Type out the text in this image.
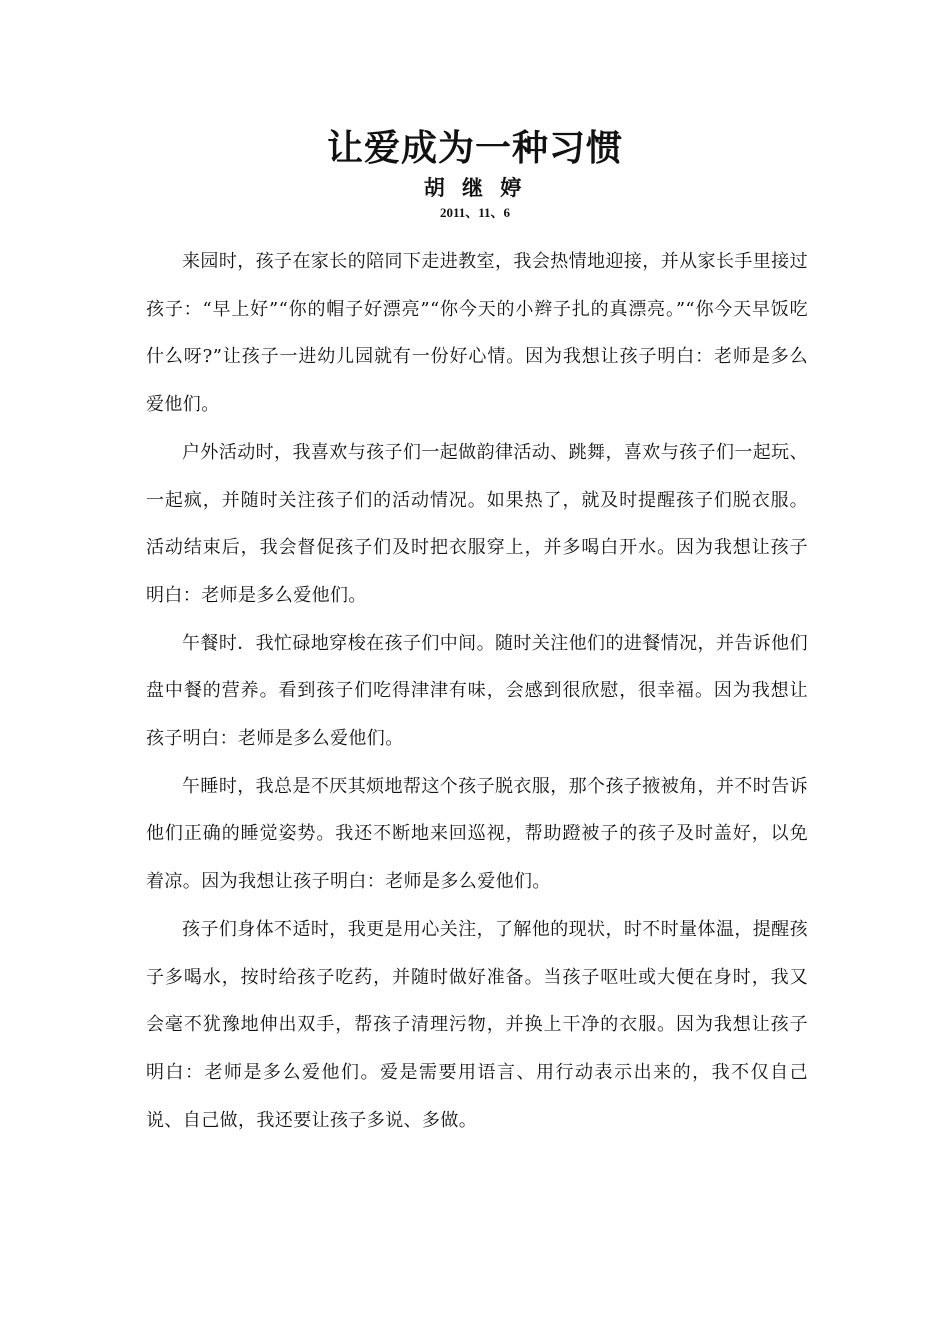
让爱成为一种习惯
胡 继 婷
2011、11、6

来园时，孩子在家长的陪同下走进教室，我会热情地迎接，并从家长手里接过孩子：“早上好”“你的帽子好漂亮”“你今天的小辫子扎的真漂亮。”“你今天早饭吃什么呀?”让孩子一进幼儿园就有一份好心情。因为我想让孩子明白：老师是多么爱他们。

户外活动时，我喜欢与孩子们一起做韵律活动、跳舞，喜欢与孩子们一起玩、一起疯，并随时关注孩子们的活动情况。如果热了，就及时提醒孩子们脱衣服。活动结束后，我会督促孩子们及时把衣服穿上，并多喝白开水。因为我想让孩子明白：老师是多么爱他们。

午餐时．我忙碌地穿梭在孩子们中间。随时关注他们的进餐情况，并告诉他们盘中餐的营养。看到孩子们吃得津津有味，会感到很欣慰，很幸福。因为我想让孩子明白：老师是多么爱他们。

午睡时，我总是不厌其烦地帮这个孩子脱衣服，那个孩子掖被角，并不时告诉他们正确的睡觉姿势。我还不断地来回巡视，帮助蹬被子的孩子及时盖好，以免着凉。因为我想让孩子明白：老师是多么爱他们。

孩子们身体不适时，我更是用心关注，了解他的现状，时不时量体温，提醒孩子多喝水，按时给孩子吃药，并随时做好准备。当孩子呕吐或大便在身时，我又会毫不犹豫地伸出双手，帮孩子清理污物，并换上干净的衣服。因为我想让孩子明白：老师是多么爱他们。爱是需要用语言、用行动表示出来的，我不仅自己说、自己做，我还要让孩子多说、多做。
